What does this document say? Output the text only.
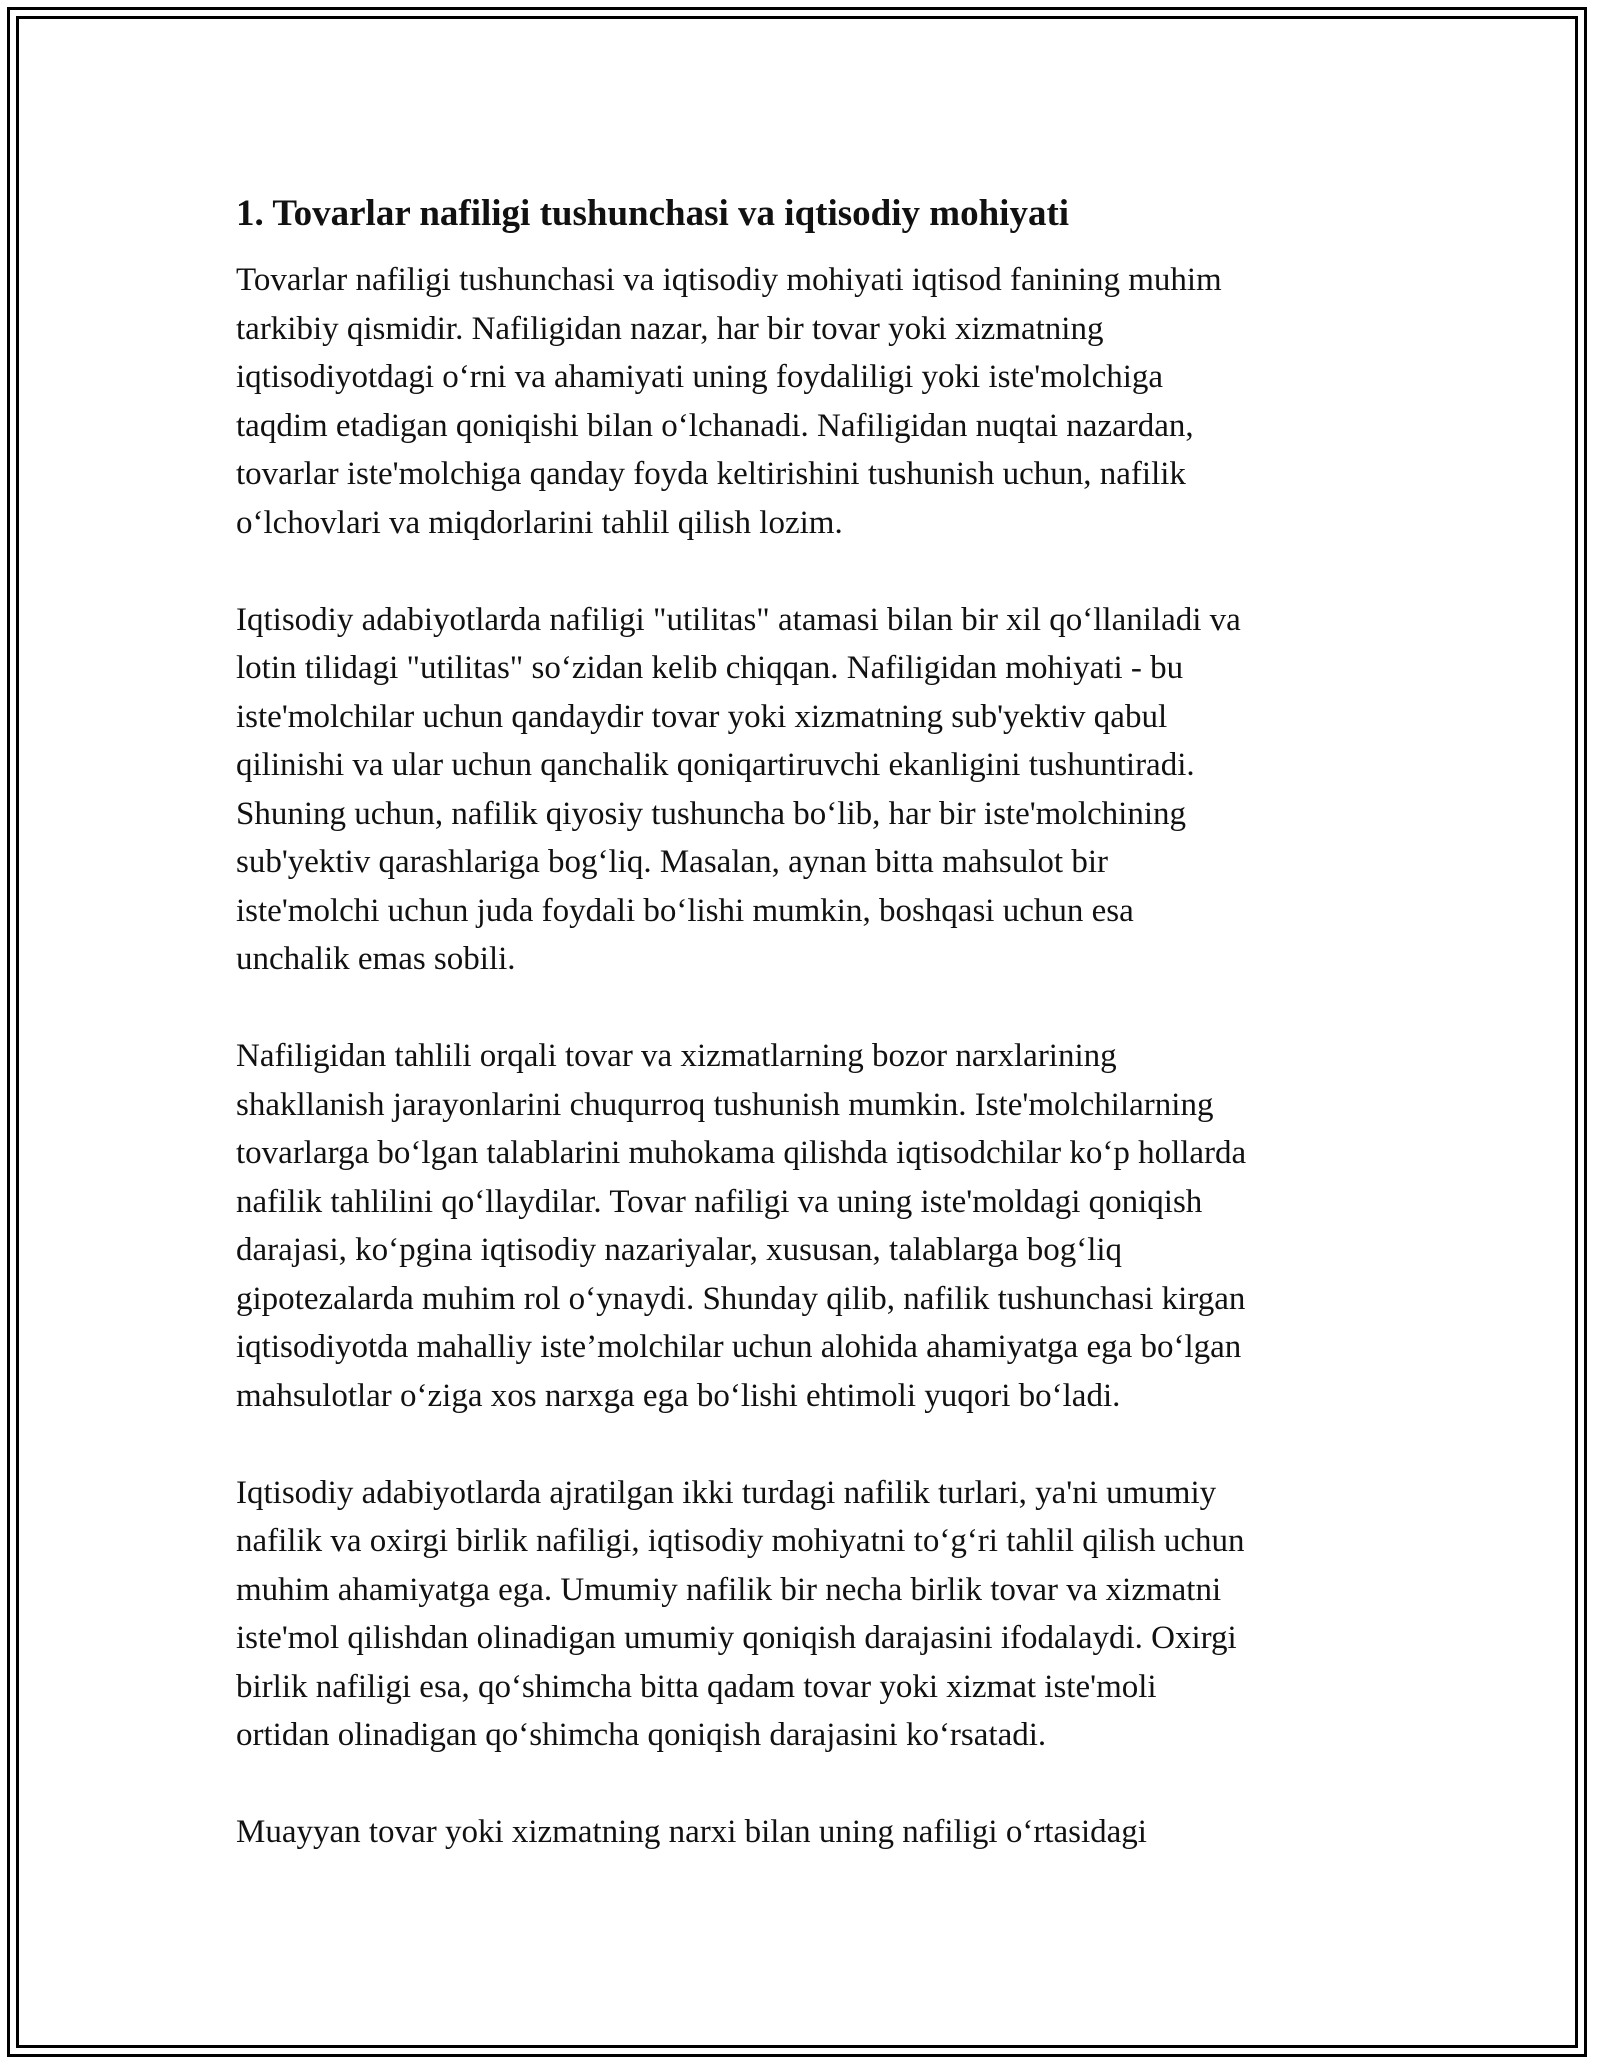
1. Tovarlar nafiligi tushunchasi va iqtisodiy mohiyati
Tovarlar nafiligi tushunchasi va iqtisodiy mohiyati iqtisod fanining muhim
tarkibiy qismidir. Nafiligidan nazar, har bir tovar yoki xizmatning
iqtisodiyotdagi o‘rni va ahamiyati uning foydaliligi yoki iste'molchiga
taqdim etadigan qoniqishi bilan o‘lchanadi. Nafiligidan nuqtai nazardan,
tovarlar iste'molchiga qanday foyda keltirishini tushunish uchun, nafilik
o‘lchovlari va miqdorlarini tahlil qilish lozim.
Iqtisodiy adabiyotlarda nafiligi "utilitas" atamasi bilan bir xil qo‘llaniladi va
lotin tilidagi "utilitas" so‘zidan kelib chiqqan. Nafiligidan mohiyati - bu
iste'molchilar uchun qandaydir tovar yoki xizmatning sub'yektiv qabul
qilinishi va ular uchun qanchalik qoniqartiruvchi ekanligini tushuntiradi.
Shuning uchun, nafilik qiyosiy tushuncha bo‘lib, har bir iste'molchining
sub'yektiv qarashlariga bog‘liq. Masalan, aynan bitta mahsulot bir
iste'molchi uchun juda foydali bo‘lishi mumkin, boshqasi uchun esa
unchalik emas sobili.
Nafiligidan tahlili orqali tovar va xizmatlarning bozor narxlarining
shakllanish jarayonlarini chuqurroq tushunish mumkin. Iste'molchilarning
tovarlarga bo‘lgan talablarini muhokama qilishda iqtisodchilar ko‘p hollarda
nafilik tahlilini qo‘llaydilar. Tovar nafiligi va uning iste'moldagi qoniqish
darajasi, ko‘pgina iqtisodiy nazariyalar, xususan, talablarga bog‘liq
gipotezalarda muhim rol o‘ynaydi. Shunday qilib, nafilik tushunchasi kirgan
iqtisodiyotda mahalliy iste’molchilar uchun alohida ahamiyatga ega bo‘lgan
mahsulotlar o‘ziga xos narxga ega bo‘lishi ehtimoli yuqori bo‘ladi.
Iqtisodiy adabiyotlarda ajratilgan ikki turdagi nafilik turlari, ya'ni umumiy
nafilik va oxirgi birlik nafiligi, iqtisodiy mohiyatni to‘g‘ri tahlil qilish uchun
muhim ahamiyatga ega. Umumiy nafilik bir necha birlik tovar va xizmatni
iste'mol qilishdan olinadigan umumiy qoniqish darajasini ifodalaydi. Oxirgi
birlik nafiligi esa, qo‘shimcha bitta qadam tovar yoki xizmat iste'moli
ortidan olinadigan qo‘shimcha qoniqish darajasini ko‘rsatadi.
Muayyan tovar yoki xizmatning narxi bilan uning nafiligi o‘rtasidagi
